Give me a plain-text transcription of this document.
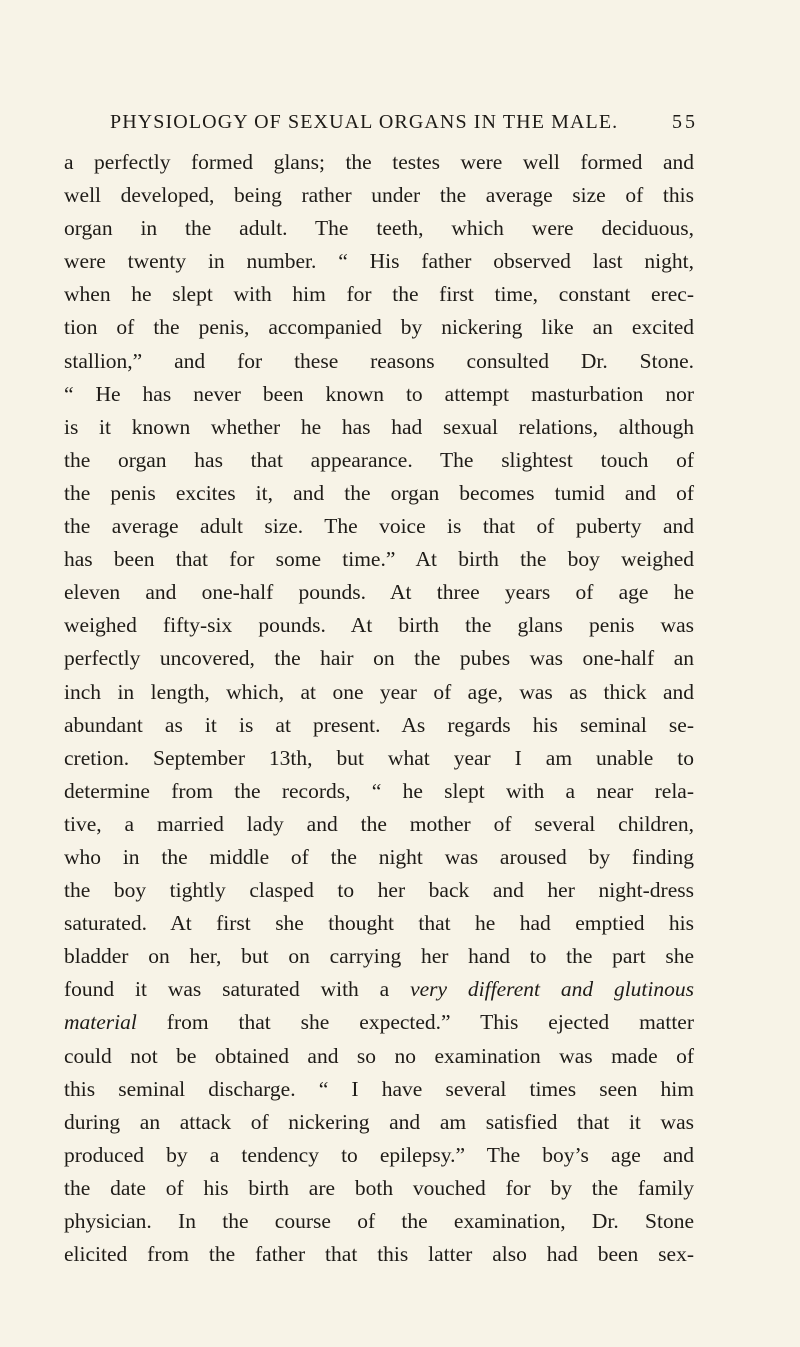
PHYSIOLOGY OF SEXUAL ORGANS IN THE MALE.	55
a perfectly formed glans; the testes were well formed and
well developed, being rather under the average size of this
organ in the adult. The teeth, which were deciduous,
were twenty in number. “ His father observed last night,
when he slept with him for the first time, constant erec-
tion of the penis, accompanied by nickering like an excited
stallion,” and for these reasons consulted Dr. Stone.
“ He has never been known to attempt masturbation nor
is it known whether he has had sexual relations, although
the organ has that appearance. The slightest touch of
the penis excites it, and the organ becomes tumid and of
the average adult size. The voice is that of puberty and
has been that for some time.” At birth the boy weighed
eleven and one-half pounds. At three years of age he
weighed fifty-six pounds. At birth the glans penis was
perfectly uncovered, the hair on the pubes was one-half an
inch in length, which, at one year of age, was as thick and
abundant as it is at present. As regards his seminal se-
cretion. September 13th, but what year I am unable to
determine from the records, “ he slept with a near rela-
tive, a married lady and the mother of several children,
who in the middle of the night was aroused by finding
the boy tightly clasped to her back and her night-dress
saturated. At first she thought that he had emptied his
bladder on her, but on carrying her hand to the part she
found it was saturated with a very different and glutinous
material from that she expected.” This ejected matter
could not be obtained and so no examination was made of
this seminal discharge. “ I have several times seen him
during an attack of nickering and am satisfied that it was
produced by a tendency to epilepsy.” The boy’s age and
the date of his birth are both vouched for by the family
physician. In the course of the examination, Dr. Stone
elicited from the father that this latter also had been sex-
